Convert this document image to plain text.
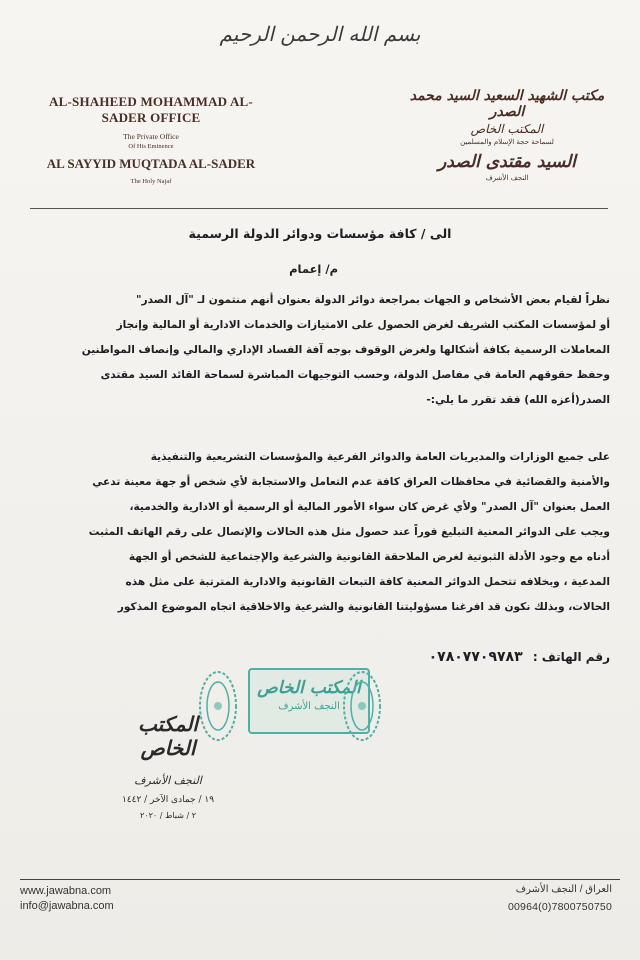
بسم الله الرحمن الرحيم
AL-SHAHEED MOHAMMAD AL-SADER OFFICE
The Private Office
Of His Eminence
AL SAYYID MUQTADA AL-SADER
The Holy Najaf
مكتب الشهيد السعيد السيد محمد الصدر
المكتب الخاص
لسماحة حجة الإسلام والمسلمين
السيد مقتدى الصدر
النجف الأشرف
الى / كافة مؤسسات ودوائر الدولة الرسمية
م/ إعمام
نظراً لقيام بعض الأشخاص و الجهات بمراجعة دوائر الدولة بعنوان أنهم منتمون لـ "آل الصدر"
أو لمؤسسات المكتب الشريف لغرض الحصول على الامتيازات والخدمات الادارية أو المالية وإنجاز
المعاملات الرسمية بكافة أشكالها ولغرض الوقوف بوجه آفة الفساد الإداري والمالي وإنصاف المواطنين
وحفظ حقوقهم العامة في مفاصل الدولة، وحسب التوجيهات المباشرة لسماحة القائد السيد مقتدى
الصدر(أعزه الله) فقد تقرر ما يلي:-
على جميع الوزارات والمديريات العامة والدوائر الفرعية والمؤسسات التشريعية والتنفيذية
والأمنية والقضائية في محافظات العراق كافة عدم التعامل والاستجابة لأي شخص أو جهة معينة تدعي
العمل بعنوان "آل الصدر" ولأي غرض كان سواء الأمور المالية أو الرسمية أو الادارية والخدمية،
ويجب على الدوائر المعنية التبليغ فوراً عند حصول مثل هذه الحالات والإتصال على رقم الهاتف المثبت
أدناه مع وجود الأدلة الثبوتية لغرض الملاحقة القانونية والشرعية والإجتماعية للشخص أو الجهة
المدعية ، وبخلافه تتحمل الدوائر المعنية كافة التبعات القانونية والادارية المترتبة على مثل هذه
الحالات، وبذلك نكون قد افرغنا مسؤوليتنا القانونية والشرعية والاخلاقية اتجاه الموضوع المذكور
رقم الهاتف : ٠٧٨٠٧٧٠٩٧٨٣
المكتب الخاص
النجف الأشرف
المكتب الخاص
النجف الأشرف
١٩ / جمادى الآخر / ١٤٤٢
٢ / شباط / ٢٠٢٠
www.jawabna.com
info@jawabna.com
العراق / النجف الأشرف
00964(0)7800750750
